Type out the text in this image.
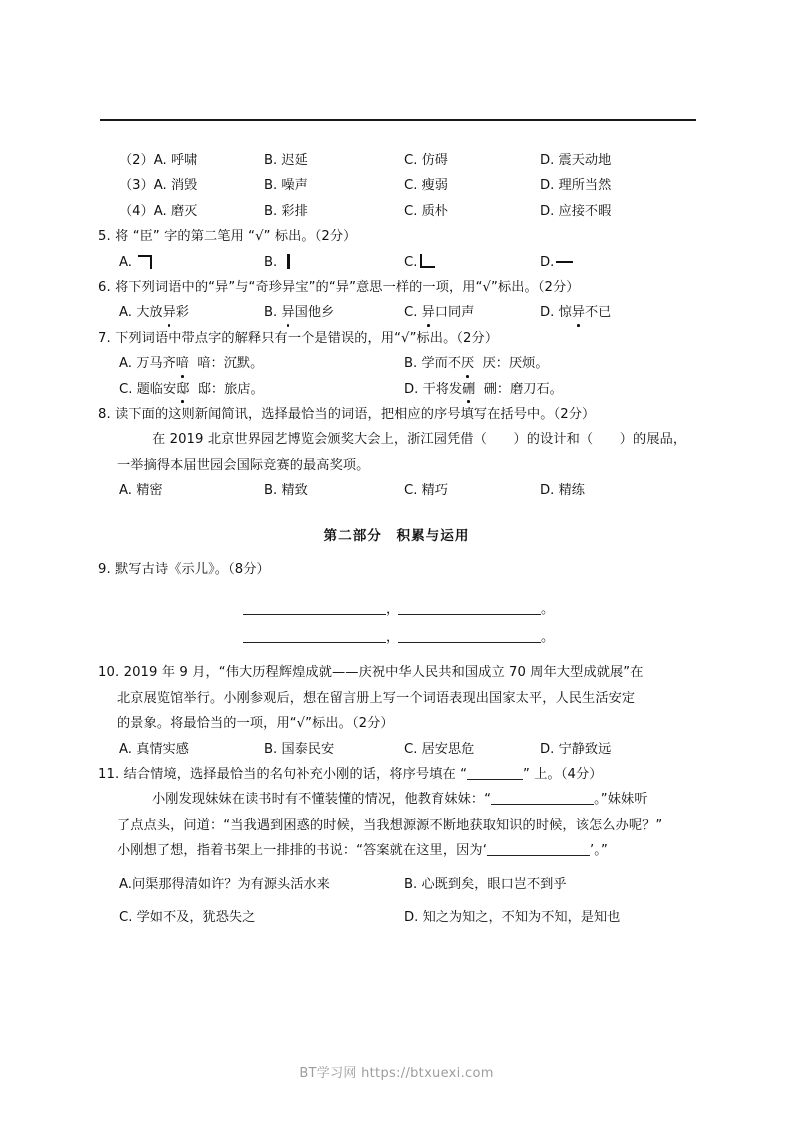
（2）A. 呼啸	B. 迟延	C. 仿碍	D. 震天动地
（3）A. 消毁	B. 噪声	C. 瘦弱	D. 理所当然
（4）A. 磨灭	B. 彩排	C. 质朴	D. 应接不暇
5. 将 “臣” 字的第二笔用 “√” 标出。（2分）
A.	B.	C.	D.
6. 将下列词语中的“异”与“奇珍异宝”的“异”意思一样的一项，用“√”标出。（2分）
A. 大放异彩	B. 异国他乡	C. 异口同声	D. 惊异不已
7. 下列词语中带点字的解释只有一个是错误的，用“√”标出。（2分）
A. 万马齐喑 喑：沉默。	B. 学而不厌 厌：厌烦。
C. 题临安邸 邸：旅店。	D. 干将发硎 硎：磨刀石。
8. 读下面的这则新闻简讯，选择最恰当的词语，把相应的序号填写在括号中。（2分）
在 2019 北京世界园艺博览会颁奖大会上，浙江园凭借（　　）的设计和（　　）的展品，
一举摘得本届世园会国际竞赛的最高奖项。
A. 精密	B. 精致	C. 精巧	D. 精练
第二部分　积累与运用
9. 默写古诗《示儿》。（8分）
，	。
，	。
10. 2019 年 9 月，“伟大历程辉煌成就——庆祝中华人民共和国成立 70 周年大型成就展”在
北京展览馆举行。小刚参观后，想在留言册上写一个词语表现出国家太平，人民生活安定
的景象。将最恰当的一项，用“√”标出。（2分）
A. 真情实感	B. 国泰民安	C. 居安思危	D. 宁静致远
11. 结合情境，选择最恰当的名句补充小刚的话，将序号填在 “	” 上。（4分）
小刚发现妹妹在读书时有不懂装懂的情况，他教育妹妹：“	。”妹妹听
了点点头，问道：“当我遇到困惑的时候，当我想源源不断地获取知识的时候，该怎么办呢？”
小刚想了想，指着书架上一排排的书说：“答案就在这里，因为‘	’。”
A.问渠那得清如许？为有源头活水来	B. 心既到矣，眼口岂不到乎
C. 学如不及，犹恐失之	D. 知之为知之，不知为不知，是知也
BT学习网 https://btxuexi.com
